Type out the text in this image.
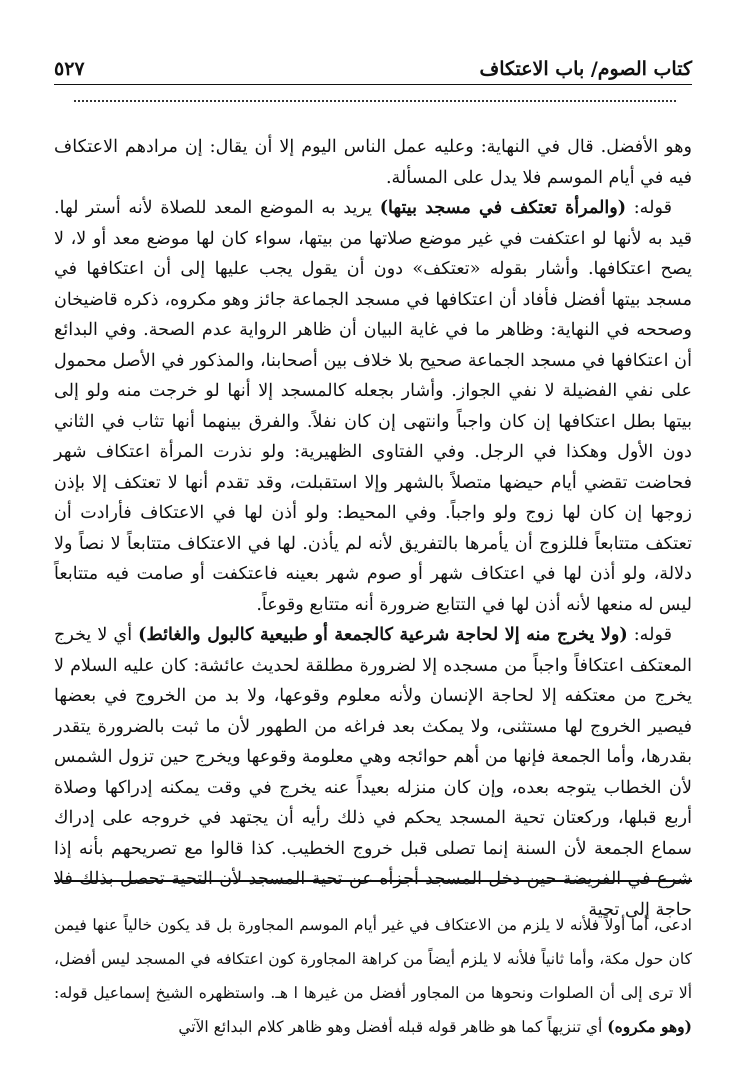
كتاب الصوم/ باب الاعتكاف
٥٢٧

وهو الأفضل. قال في النهاية: وعليه عمل الناس اليوم إلا أن يقال: إن مرادهم الاعتكاف فيه في أيام الموسم فلا يدل على المسألة.

قوله: (والمرأة تعتكف في مسجد بيتها) يريد به الموضع المعد للصلاة لأنه أستر لها. قيد به لأنها لو اعتكفت في غير موضع صلاتها من بيتها، سواء كان لها موضع معد أو لا، لا يصح اعتكافها. وأشار بقوله «تعتكف» دون أن يقول يجب عليها إلى أن اعتكافها في مسجد بيتها أفضل فأفاد أن اعتكافها في مسجد الجماعة جائز وهو مكروه، ذكره قاضيخان وصححه في النهاية: وظاهر ما في غاية البيان أن ظاهر الرواية عدم الصحة. وفي البدائع أن اعتكافها في مسجد الجماعة صحيح بلا خلاف بين أصحابنا، والمذكور في الأصل محمول على نفي الفضيلة لا نفي الجواز. وأشار بجعله كالمسجد إلا أنها لو خرجت منه ولو إلى بيتها بطل اعتكافها إن كان واجباً وانتهى إن كان نفلاً. والفرق بينهما أنها تثاب في الثاني دون الأول وهكذا في الرجل. وفي الفتاوى الظهيرية: ولو نذرت المرأة اعتكاف شهر فحاضت تقضي أيام حيضها متصلاً بالشهر وإلا استقبلت، وقد تقدم أنها لا تعتكف إلا بإذن زوجها إن كان لها زوج ولو واجباً. وفي المحيط: ولو أذن لها في الاعتكاف فأرادت أن تعتكف متتابعاً فللزوج أن يأمرها بالتفريق لأنه لم يأذن. لها في الاعتكاف متتابعاً لا نصاً ولا دلالة، ولو أذن لها في اعتكاف شهر أو صوم شهر بعينه فاعتكفت أو صامت فيه متتابعاً ليس له منعها لأنه أذن لها في التتابع ضرورة أنه متتابع وقوعاً.

قوله: (ولا يخرج منه إلا لحاجة شرعية كالجمعة أو طبيعية كالبول والغائط) أي لا يخرج المعتكف اعتكافاً واجباً من مسجده إلا لضرورة مطلقة لحديث عائشة: كان عليه السلام لا يخرج من معتكفه إلا لحاجة الإنسان ولأنه معلوم وقوعها، ولا بد من الخروج في بعضها فيصير الخروج لها مستثنى، ولا يمكث بعد فراغه من الطهور لأن ما ثبت بالضرورة يتقدر بقدرها، وأما الجمعة فإنها من أهم حوائجه وهي معلومة وقوعها ويخرج حين تزول الشمس لأن الخطاب يتوجه بعده، وإن كان منزله بعيداً عنه يخرج في وقت يمكنه إدراكها وصلاة أربع قبلها، وركعتان تحية المسجد يحكم في ذلك رأيه أن يجتهد في خروجه على إدراك سماع الجمعة لأن السنة إنما تصلى قبل خروج الخطيب. كذا قالوا مع تصريحهم بأنه إذا شرع في الفريضة حين دخل المسجد أجزأه عن تحية المسجد لأن التحية تحصل بذلك فلا حاجة إلى تحية

ادعى، أما أولاً فلأنه لا يلزم من الاعتكاف في غير أيام الموسم المجاورة بل قد يكون خالياً عنها فيمن كان حول مكة، وأما ثانياً فلأنه لا يلزم أيضاً من كراهة المجاورة كون اعتكافه في المسجد ليس أفضل، ألا ترى إلى أن الصلوات ونحوها من المجاور أفضل من غيرها ا هـ. واستظهره الشيخ إسماعيل قوله: (وهو مكروه) أي تنزيهاً كما هو ظاهر قوله قبله أفضل وهو ظاهر كلام البدائع الآتي
